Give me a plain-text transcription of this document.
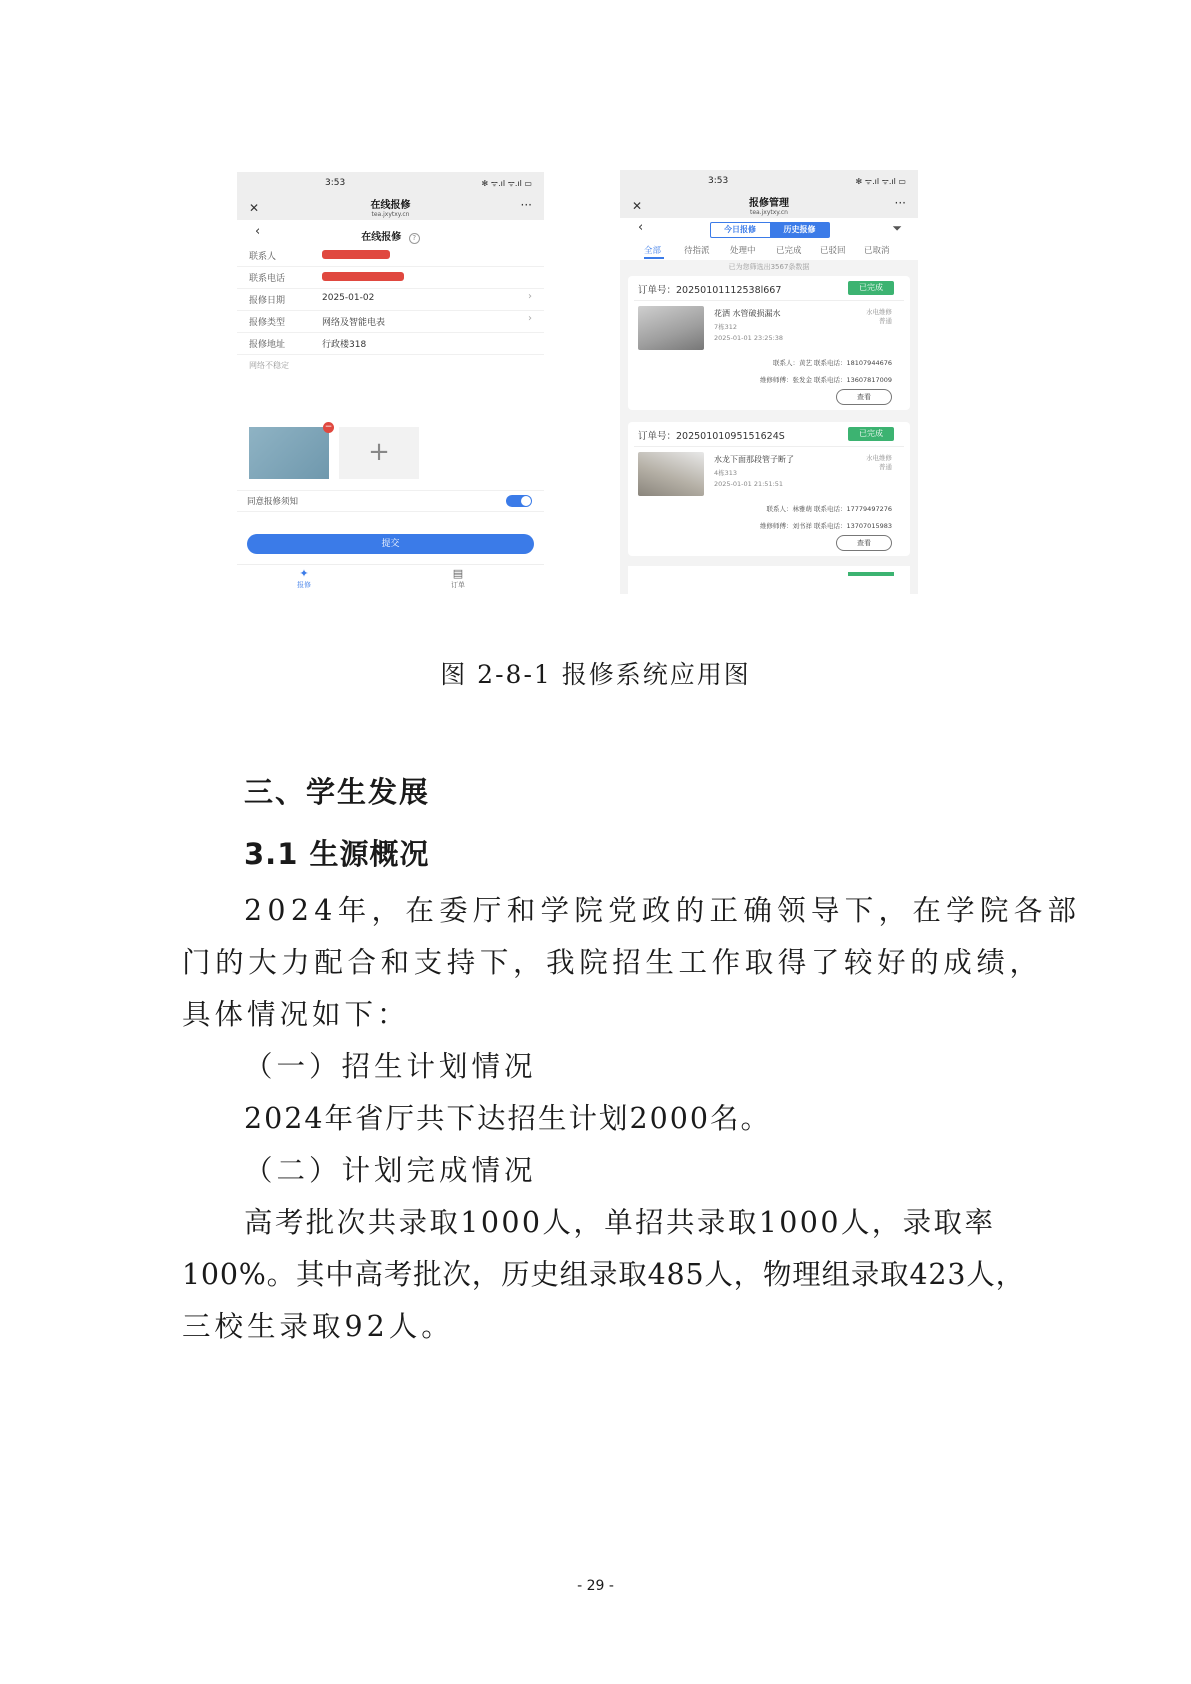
3:53	✻ ᯤ.ıl ᯤ.ıl ▭
✕	在线报修
tea.jxytxy.cn
···
‹	在线报修 ?
联系人
联系电话
报修日期	2025-01-02	›
报修类型	网络及智能电表	›
报修地址	行政楼318
网络不稳定
−
+
同意报修须知
提交
✦
报修
▤
订单
3:53	✻ ᯤ.ıl ᯤ.ıl ▭
✕	报修管理
tea.jxytxy.cn
···
‹	今日报修	历史报修	⏷
全部	待指派 处理中 已完成 已驳回 已取消
已为您筛选出3567条数据
订单号：20250101112538l667	已完成
花洒 水管破损漏水
7栋312
2025-01-01 23:25:38
水电维修
普通
联系人：黄艺 联系电话：18107944676
维修师傅：张发金 联系电话：13607817009
查看
订单号：20250101095151624S	已完成
水龙下面那段管子断了
4栋313
2025-01-01 21:51:51
水电维修
普通
联系人：林雅萌 联系电话：17779497276
维修师傅：刘书祥 联系电话：13707015983
查看
图 2-8-1 报修系统应用图
三、学生发展
3.1 生源概况
2024年，在委厅和学院党政的正确领导下，在学院各部
门的大力配合和支持下，我院招生工作取得了较好的成绩，
具体情况如下：
（一）招生计划情况
2024年省厅共下达招生计划2000名。
（二）计划完成情况
高考批次共录取1000人，单招共录取1000人，录取率
100%。其中高考批次，历史组录取485人，物理组录取423人，
三校生录取92人。
- 29 -
